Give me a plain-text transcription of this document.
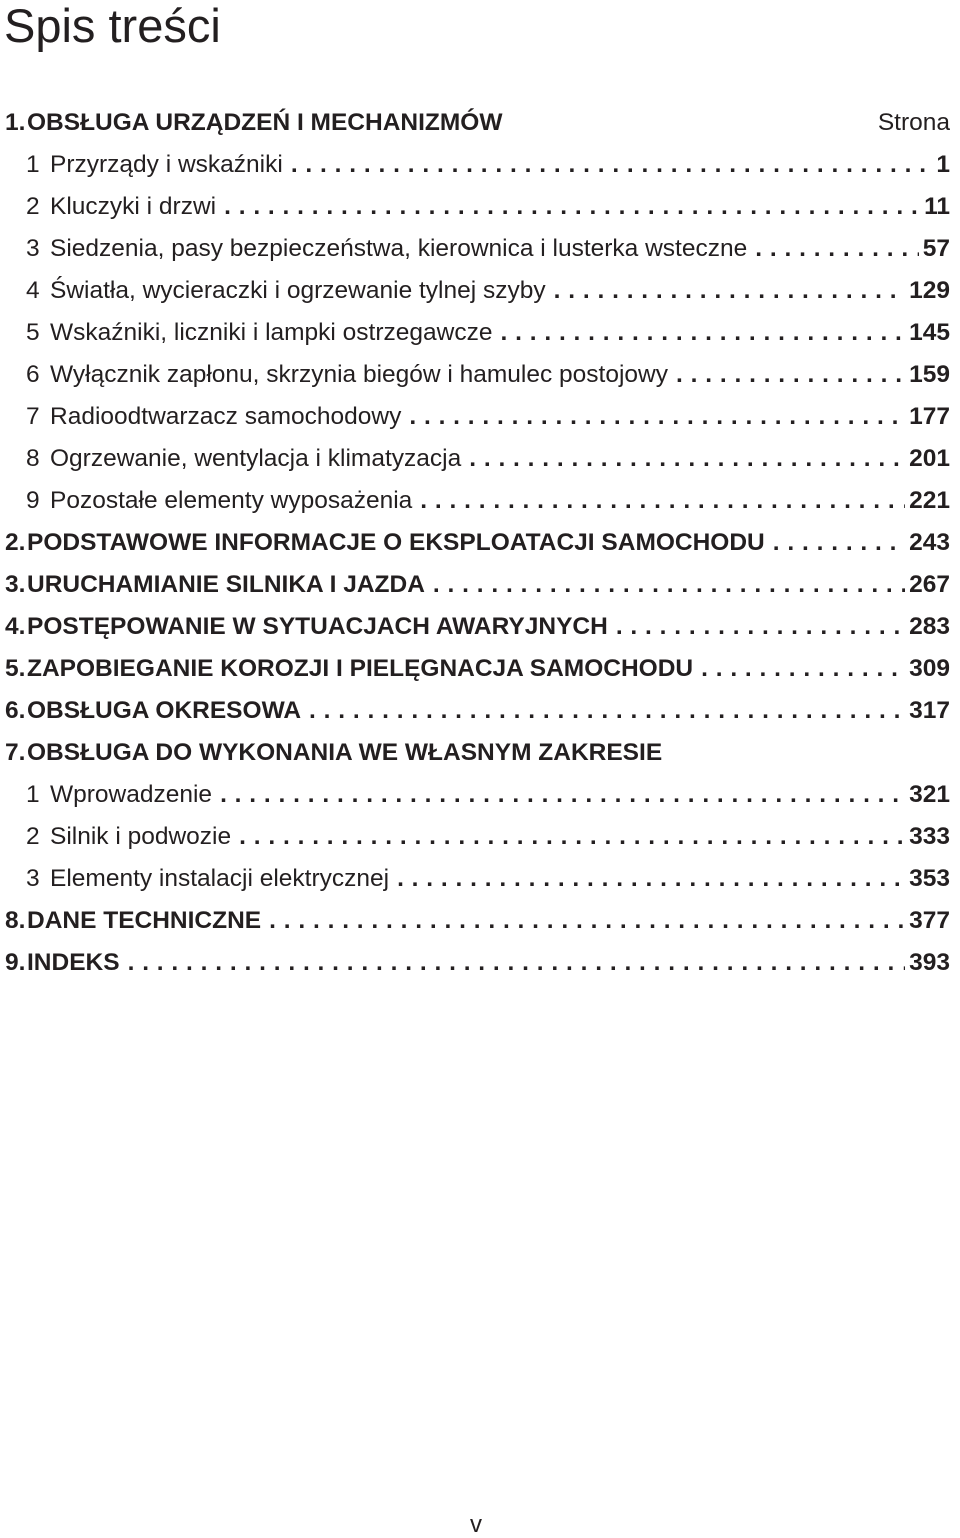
Spis treści
1. OBSŁUGA URZĄDZEŃ I MECHANIZMÓW	Strona
1 Przyrządy i wskaźniki . . .	1
2 Kluczyki i drzwi . . .	11
3 Siedzenia, pasy bezpieczeństwa, kierownica i lusterka wsteczne . . .	57
4 Światła, wycieraczki i ogrzewanie tylnej szyby . . .	129
5 Wskaźniki, liczniki i lampki ostrzegawcze . . .	145
6 Wyłącznik zapłonu, skrzynia biegów i hamulec postojowy . . .	159
7 Radioodtwarzacz samochodowy . . .	177
8 Ogrzewanie, wentylacja i klimatyzacja . . .	201
9 Pozostałe elementy wyposażenia . . .	221
2. PODSTAWOWE INFORMACJE O EKSPLOATACJI SAMOCHODU . . .	243
3. URUCHAMIANIE SILNIKA I JAZDA . . .	267
4. POSTĘPOWANIE W SYTUACJACH AWARYJNYCH . . .	283
5. ZAPOBIEGANIE KOROZJI I PIELĘGNACJA SAMOCHODU . . .	309
6. OBSŁUGA OKRESOWA . . .	317
7. OBSŁUGA DO WYKONANIA WE WŁASNYM ZAKRESIE
1 Wprowadzenie . . .	321
2 Silnik i podwozie . . .	333
3 Elementy instalacji elektrycznej . . .	353
8. DANE TECHNICZNE . . .	377
9. INDEKS . . .	393
v
